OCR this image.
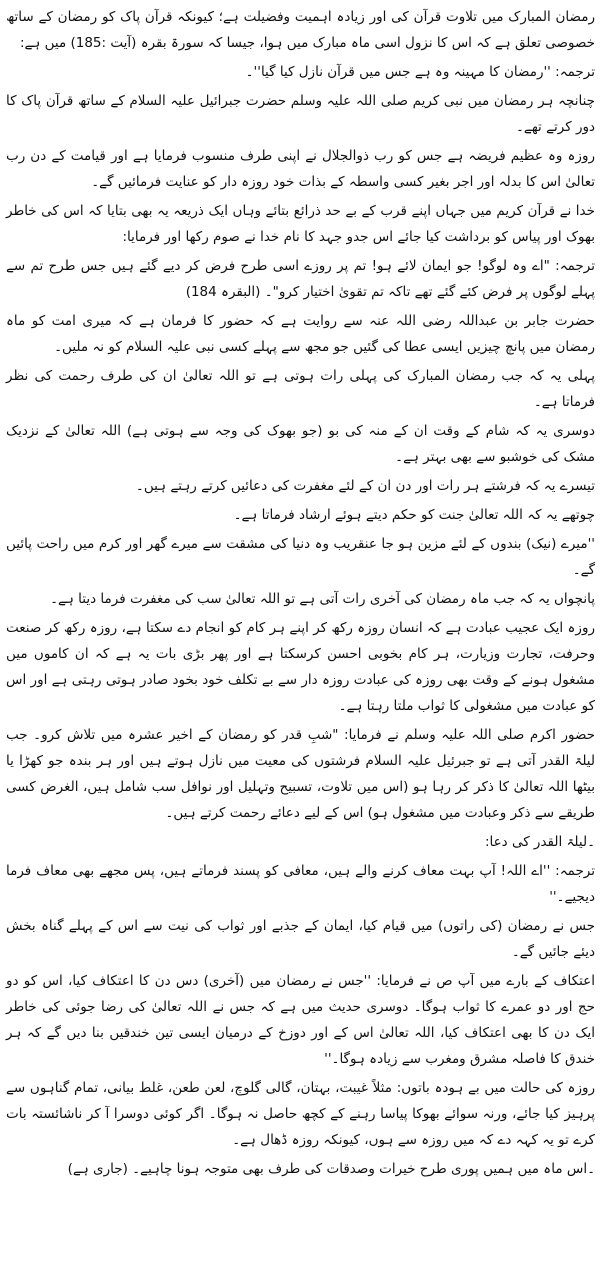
رمضان المبارک میں تلاوت قرآن کی اور زیادہ اہمیت وفضیلت ہے؛ کیونکہ قرآن پاک کو رمضان کے ساتھ خصوصی تعلق ہے کہ اس کا نزول اسی ماہ مبارک میں ہوا، جیسا کہ سورۃ بقرہ (آیت :185) میں ہے:

ترجمہ: ''رمضان کا مہینہ وہ ہے جس میں قرآن نازل کیا گیا''۔

چنانچہ ہر رمضان میں نبی کریم صلی اللہ علیہ وسلم حضرت جبرائیل علیہ السلام کے ساتھ قرآن پاک کا دور کرتے تھے۔

روزہ وہ عظیم فریضہ ہے جس کو رب ذوالجلال نے اپنی طرف منسوب فرمایا ہے اور قیامت کے دن رب تعالیٰ اس کا بدلہ اور اجر بغیر کسی واسطہ کے بذات خود روزہ دار کو عنایت فرمائیں گے۔

خدا نے قرآن کریم میں جہاں اپنے قرب کے بے حد ذرائع بتائے وہاں ایک ذریعہ یہ بھی بتایا کہ اس کی خاطر بھوک اور پیاس کو برداشت کیا جائے اس جدو جہد کا نام خدا نے صوم رکھا اور فرمایا:

ترجمہ: "اے وہ لوگو! جو ایمان لائے ہو! تم پر روزے اسی طرح فرض کر دیے گئے ہیں جس طرح تم سے پہلے لوگوں پر فرض کئے گئے تھے تاکہ تم تقویٰ اختیار کرو"۔ (البقرہ 184)

حضرت جابر بن عبداللہ رضی اللہ عنہ سے روایت ہے کہ حضور کا فرمان ہے کہ میری امت کو ماہ رمضان میں پانچ چیزیں ایسی عطا کی گئیں جو مجھ سے پہلے کسی نبی علیہ السلام کو نہ ملیں۔

پہلی یہ کہ جب رمضان المبارک کی پہلی رات ہوتی ہے تو اللہ تعالیٰ ان کی طرف رحمت کی نظر فرماتا ہے۔

دوسری یہ کہ شام کے وقت ان کے منہ کی بو (جو بھوک کی وجہ سے ہوتی ہے) اللہ تعالیٰ کے نزدیک مشک کی خوشبو سے بھی بہتر ہے۔

تیسرے یہ کہ فرشتے ہر رات اور دن ان کے لئے مغفرت کی دعائیں کرتے رہتے ہیں۔

چوتھے یہ کہ اللہ تعالیٰ جنت کو حکم دیتے ہوئے ارشاد فرماتا ہے۔

''میرے (نیک) بندوں کے لئے مزین ہو جا عنقریب وہ دنیا کی مشقت سے میرے گھر اور کرم میں راحت پائیں گے۔

پانچواں یہ کہ جب ماہ رمضان کی آخری رات آتی ہے تو اللہ تعالیٰ سب کی مغفرت فرما دیتا ہے۔

روزہ ایک عجیب عبادت ہے کہ انسان روزہ رکھ کر اپنے ہر کام کو انجام دے سکتا ہے، روزہ رکھ کر صنعت وحرفت، تجارت وزیارت، ہر کام بخوبی احسن کرسکتا ہے اور پھر بڑی بات یہ ہے کہ ان کاموں میں مشغول ہونے کے وقت بھی روزہ کی عبادت روزہ دار سے بے تکلف خود بخود صادر ہوتی رہتی ہے اور اس کو عبادت میں مشغولی کا ثواب ملتا رہتا ہے۔

حضور اکرم صلی اللہ علیہ وسلم نے فرمایا: "شبِ قدر کو رمضان کے اخیر عشرہ میں تلاش کرو۔ جب لیلۃ القدر آتی ہے تو جبرئیل علیہ السلام فرشتوں کی معیت میں نازل ہوتے ہیں اور ہر بندہ جو کھڑا یا بیٹھا اللہ تعالیٰ کا ذکر کر رہا ہو (اس میں تلاوت، تسبیح وتہلیل اور نوافل سب شامل ہیں، الغرض کسی طریقے سے ذکر وعبادت میں مشغول ہو) اس کے لیے دعائے رحمت کرتے ہیں۔

۔لیلۃ القدر کی دعا:

ترجمہ: ''اے اللہ! آپ بہت معاف کرنے والے ہیں، معافی کو پسند فرماتے ہیں، پس مجھے بھی معاف فرما دیجیے۔''

جس نے رمضان (کی راتوں) میں قیام کیا، ایمان کے جذبے اور ثواب کی نیت سے اس کے پہلے گناہ بخش دیئے جائیں گے۔

اعتکاف کے بارے میں آپ ص نے فرمایا: ''جس نے رمضان میں (آخری) دس دن کا اعتکاف کیا، اس کو دو حج اور دو عمرے کا ثواب ہوگا۔ دوسری حدیث میں ہے کہ جس نے اللہ تعالیٰ کی رضا جوئی کی خاطر ایک دن کا بھی اعتکاف کیا، اللہ تعالیٰ اس کے اور دوزخ کے درمیان ایسی تین خندقیں بنا دیں گے کہ ہر خندق کا فاصلہ مشرق ومغرب سے زیادہ ہوگا۔''

روزہ کی حالت میں بے ہودہ باتوں: مثلاً غیبت، بہتان، گالی گلوچ، لعن طعن، غلط بیانی، تمام گناہوں سے پرہیز کیا جائے، ورنہ سوائے بھوکا پیاسا رہنے کے کچھ حاصل نہ ہوگا۔ اگر کوئی دوسرا آ کر ناشائستہ بات کرے تو یہ کہہ دے کہ میں روزہ سے ہوں، کیونکہ روزہ ڈھال ہے۔

۔اس ماہ میں ہمیں پوری طرح خیرات وصدقات کی طرف بھی متوجہ ہونا چاہیے۔ (جاری ہے)
